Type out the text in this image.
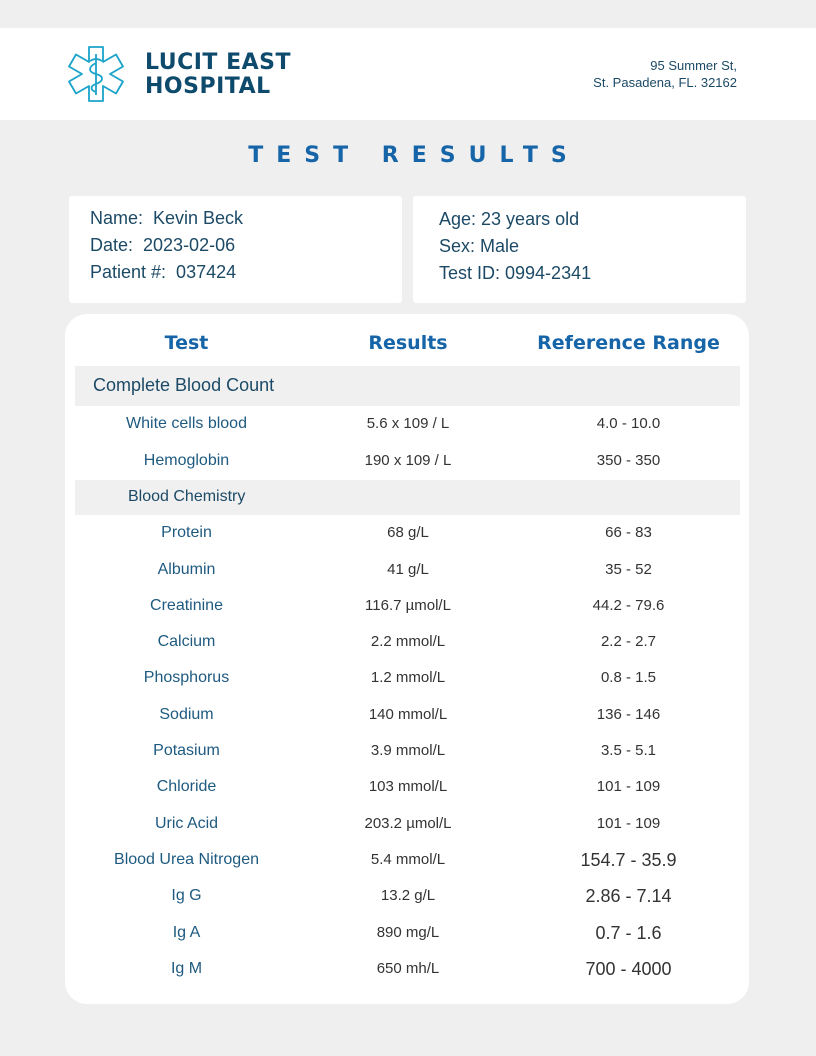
LUCIT EAST
HOSPITAL
95 Summer St,
St. Pasadena, FL. 32162
TEST RESULTS
Name:  Kevin Beck
Date:  2023-02-06
Patient #:  037424
Age: 23 years old
Sex: Male
Test ID: 0994-2341
Test	Results	Reference Range
Complete Blood Count
White cells blood	5.6 x 109 / L	4.0 - 10.0
Hemoglobin	190 x 109 / L	350 - 350
Blood Chemistry
Protein	68 g/L	66 - 83
Albumin	41 g/L	35 - 52
Creatinine	116.7 µmol/L	44.2 - 79.6
Calcium	2.2 mmol/L	2.2 - 2.7
Phosphorus	1.2 mmol/L	0.8 - 1.5
Sodium	140 mmol/L	136 - 146
Potasium	3.9 mmol/L	3.5 - 5.1
Chloride	103 mmol/L	101 - 109
Uric Acid	203.2 µmol/L	101 - 109
Blood Urea Nitrogen	5.4 mmol/L	154.7 - 35.9
Ig G	13.2 g/L	2.86 - 7.14
Ig A	890 mg/L	0.7 - 1.6
Ig M	650 mh/L	700 - 4000
